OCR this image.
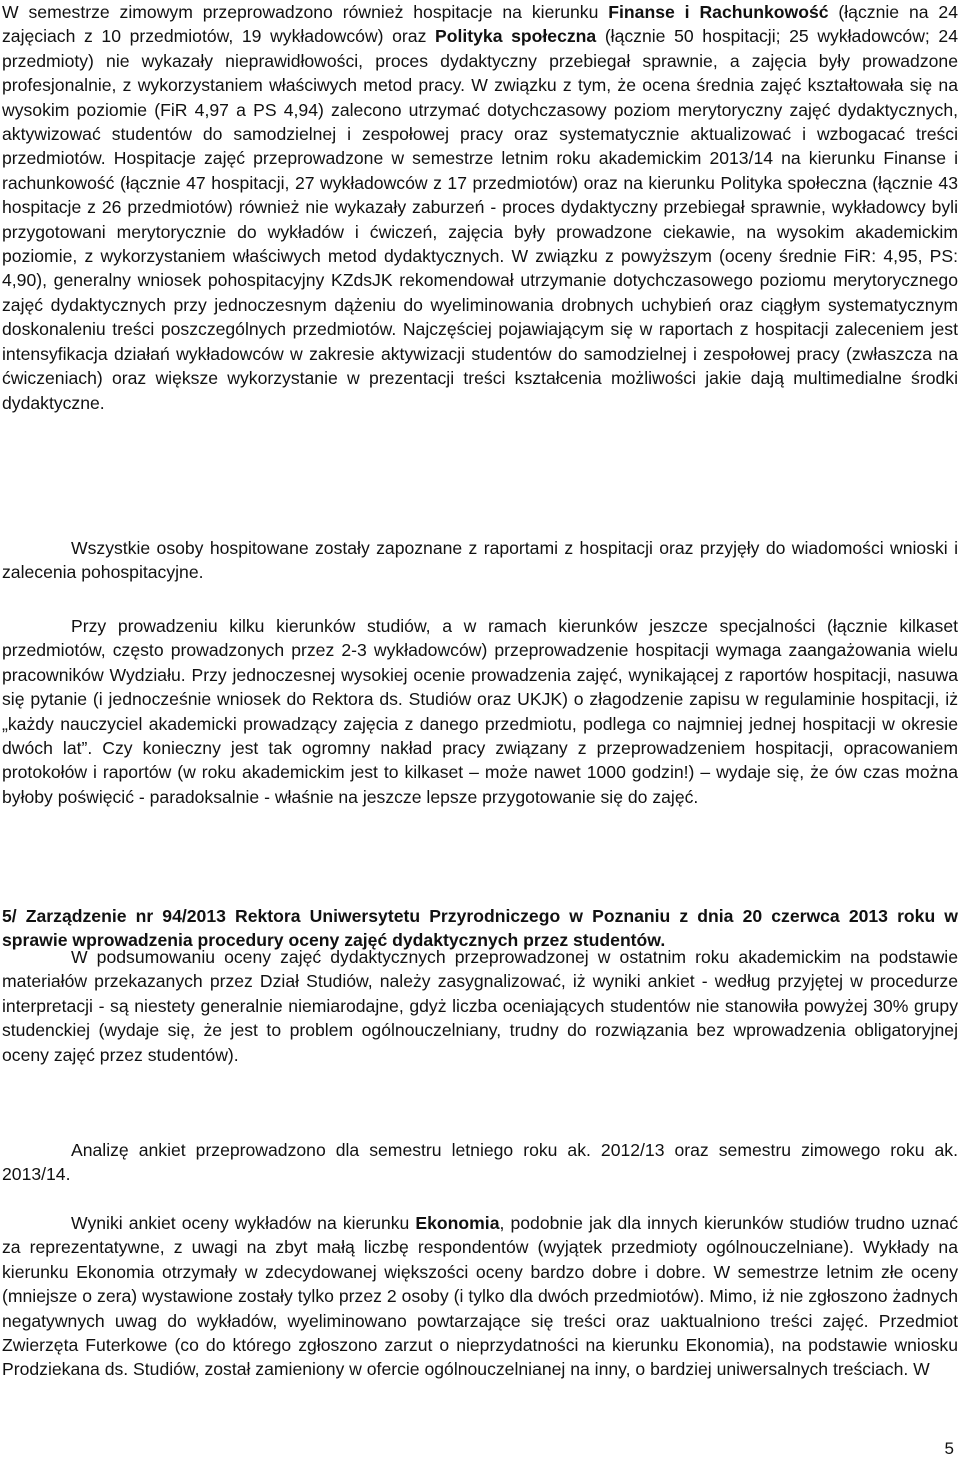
W semestrze zimowym przeprowadzono również hospitacje na kierunku Finanse i Rachunkowość (łącznie na 24 zajęciach z 10 przedmiotów, 19 wykładowców) oraz Polityka społeczna (łącznie 50 hospitacji; 25 wykładowców; 24 przedmioty) nie wykazały nieprawidłowości, proces dydaktyczny przebiegał sprawnie, a zajęcia były prowadzone profesjonalnie, z wykorzystaniem właściwych metod pracy. W związku z tym, że ocena średnia zajęć kształtowała się na wysokim poziomie (FiR 4,97 a PS 4,94) zalecono utrzymać dotychczasowy poziom merytoryczny zajęć dydaktycznych, aktywizować studentów do samodzielnej i zespołowej pracy oraz systematycznie aktualizować i wzbogacać treści przedmiotów. Hospitacje zajęć przeprowadzone w semestrze letnim roku akademickim 2013/14 na kierunku Finanse i rachunkowość (łącznie 47 hospitacji, 27 wykładowców z 17 przedmiotów) oraz na kierunku Polityka społeczna (łącznie 43 hospitacje z 26 przedmiotów) również nie wykazały zaburzeń - proces dydaktyczny przebiegał sprawnie, wykładowcy byli przygotowani merytorycznie do wykładów i ćwiczeń, zajęcia były prowadzone ciekawie, na wysokim akademickim poziomie, z wykorzystaniem właściwych metod dydaktycznych. W związku z powyższym (oceny średnie FiR: 4,95, PS: 4,90), generalny wniosek pohospitacyjny KZdsJK rekomendował utrzymanie dotychczasowego poziomu merytorycznego zajęć dydaktycznych przy jednoczesnym dążeniu do wyeliminowania drobnych uchybień oraz ciągłym systematycznym doskonaleniu treści poszczególnych przedmiotów. Najczęściej pojawiającym się w raportach z hospitacji zaleceniem jest intensyfikacja działań wykładowców w zakresie aktywizacji studentów do samodzielnej i zespołowej pracy (zwłaszcza na ćwiczeniach) oraz większe wykorzystanie w prezentacji treści kształcenia możliwości jakie dają multimedialne środki dydaktyczne.

Wszystkie osoby hospitowane zostały zapoznane z raportami z hospitacji oraz przyjęły do wiadomości wnioski i zalecenia pohospitacyjne.

Przy prowadzeniu kilku kierunków studiów, a w ramach kierunków jeszcze specjalności (łącznie kilkaset przedmiotów, często prowadzonych przez 2-3 wykładowców) przeprowadzenie hospitacji wymaga zaangażowania wielu pracowników Wydziału. Przy jednoczesnej wysokiej ocenie prowadzenia zajęć, wynikającej z raportów hospitacji, nasuwa się pytanie (i jednocześnie wniosek do Rektora ds. Studiów oraz UKJK) o złagodzenie zapisu w regulaminie hospitacji, iż „każdy nauczyciel akademicki prowadzący zajęcia z danego przedmiotu, podlega co najmniej jednej hospitacji w okresie dwóch lat”. Czy konieczny jest tak ogromny nakład pracy związany z przeprowadzeniem hospitacji, opracowaniem protokołów i raportów (w roku akademickim jest to kilkaset – może nawet 1000 godzin!) – wydaje się, że ów czas można byłoby poświęcić - paradoksalnie - właśnie na jeszcze lepsze przygotowanie się do zajęć.

5/ Zarządzenie nr 94/2013 Rektora Uniwersytetu Przyrodniczego w Poznaniu z dnia 20 czerwca 2013 roku w sprawie wprowadzenia procedury oceny zajęć dydaktycznych przez studentów.

W podsumowaniu oceny zajęć dydaktycznych przeprowadzonej w ostatnim roku akademickim na podstawie materiałów przekazanych przez Dział Studiów, należy zasygnalizować, iż wyniki ankiet - według przyjętej w procedurze interpretacji - są niestety generalnie niemiarodajne, gdyż liczba oceniających studentów nie stanowiła powyżej 30% grupy studenckiej (wydaje się, że jest to problem ogólnouczelniany, trudny do rozwiązania bez wprowadzenia obligatoryjnej oceny zajęć przez studentów).

Analizę ankiet przeprowadzono dla semestru letniego roku ak. 2012/13 oraz semestru zimowego roku ak. 2013/14.

Wyniki ankiet oceny wykładów na kierunku Ekonomia, podobnie jak dla innych kierunków studiów trudno uznać za reprezentatywne, z uwagi na zbyt małą liczbę respondentów (wyjątek przedmioty ogólnouczelniane). Wykłady na kierunku Ekonomia otrzymały w zdecydowanej większości oceny bardzo dobre i dobre. W semestrze letnim złe oceny (mniejsze o zera) wystawione zostały tylko przez 2 osoby (i tylko dla dwóch przedmiotów). Mimo, iż nie zgłoszono żadnych negatywnych uwag do wykładów, wyeliminowano powtarzające się treści oraz uaktualniono treści zajęć. Przedmiot Zwierzęta Futerkowe (co do którego zgłoszono zarzut o nieprzydatności na kierunku Ekonomia), na podstawie wniosku Prodziekana ds. Studiów, został zamieniony w ofercie ogólnouczelnianej na inny, o bardziej uniwersalnych treściach. W

5
